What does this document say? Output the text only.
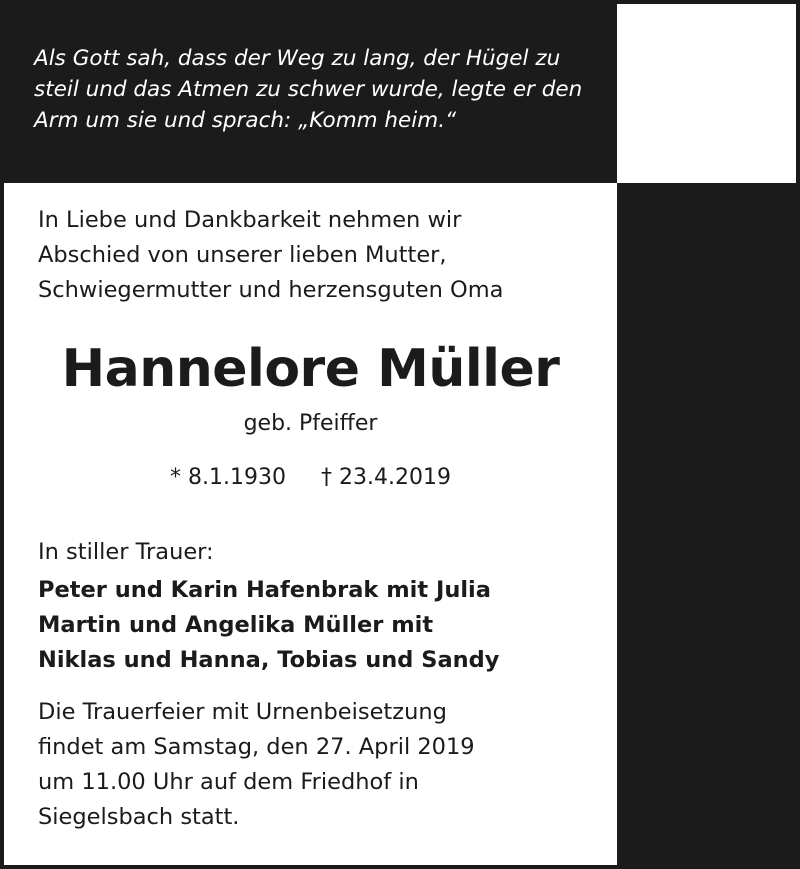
Als Gott sah, dass der Weg zu lang, der Hügel zu
steil und das Atmen zu schwer wurde, legte er den
Arm um sie und sprach: „Komm heim.“
In Liebe und Dankbarkeit nehmen wir
Abschied von unserer lieben Mutter,
Schwiegermutter und herzensguten Oma
Hannelore Müller
geb. Pfeiffer
* 8.1.1930 † 23.4.2019
In stiller Trauer:
Peter und Karin Hafenbrak mit Julia
Martin und Angelika Müller mit
Niklas und Hanna, Tobias und Sandy
Die Trauerfeier mit Urnenbeisetzung
findet am Samstag, den 27. April 2019
um 11.00 Uhr auf dem Friedhof in
Siegelsbach statt.
